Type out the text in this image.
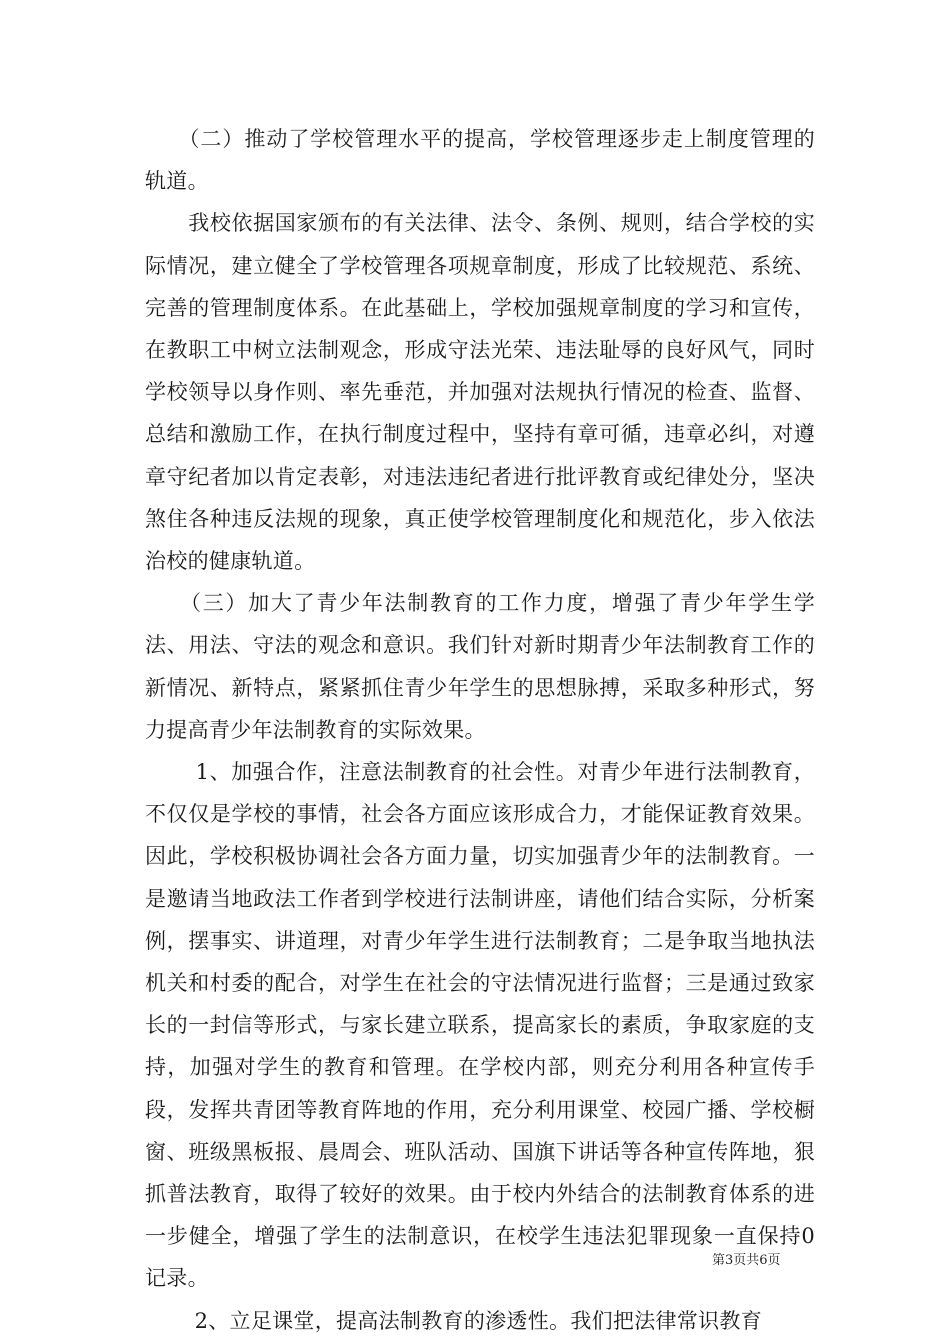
　　（二）推动了学校管理水平的提高，学校管理逐步走上制度管理的轨道。

　　我校依据国家颁布的有关法律、法令、条例、规则，结合学校的实际情况，建立健全了学校管理各项规章制度，形成了比较规范、系统、完善的管理制度体系。在此基础上，学校加强规章制度的学习和宣传，在教职工中树立法制观念，形成守法光荣、违法耻辱的良好风气，同时学校领导以身作则、率先垂范，并加强对法规执行情况的检查、监督、总结和激励工作，在执行制度过程中，坚持有章可循，违章必纠，对遵章守纪者加以肯定表彰，对违法违纪者进行批评教育或纪律处分，坚决煞住各种违反法规的现象，真正使学校管理制度化和规范化，步入依法治校的健康轨道。

　　（三）加大了青少年法制教育的工作力度，增强了青少年学生学法、用法、守法的观念和意识。我们针对新时期青少年法制教育工作的新情况、新特点，紧紧抓住青少年学生的思想脉搏，采取多种形式，努力提高青少年法制教育的实际效果。

　　 1、加强合作，注意法制教育的社会性。对青少年进行法制教育，不仅仅是学校的事情，社会各方面应该形成合力，才能保证教育效果。因此，学校积极协调社会各方面力量，切实加强青少年的法制教育。一是邀请当地政法工作者到学校进行法制讲座，请他们结合实际，分析案例，摆事实、讲道理，对青少年学生进行法制教育；二是争取当地执法机关和村委的配合，对学生在社会的守法情况进行监督；三是通过致家长的一封信等形式，与家长建立联系，提高家长的素质，争取家庭的支持，加强对学生的教育和管理。在学校内部，则充分利用各种宣传手段，发挥共青团等教育阵地的作用，充分利用课堂、校园广播、学校橱窗、班级黑板报、晨周会、班队活动、国旗下讲话等各种宣传阵地，狠抓普法教育，取得了较好的效果。由于校内外结合的法制教育体系的进一步健全，增强了学生的法制意识，在校学生违法犯罪现象一直保持0记录。

　　 2、立足课堂，提高法制教育的渗透性。我们把法律常识教育

第3页共6页
